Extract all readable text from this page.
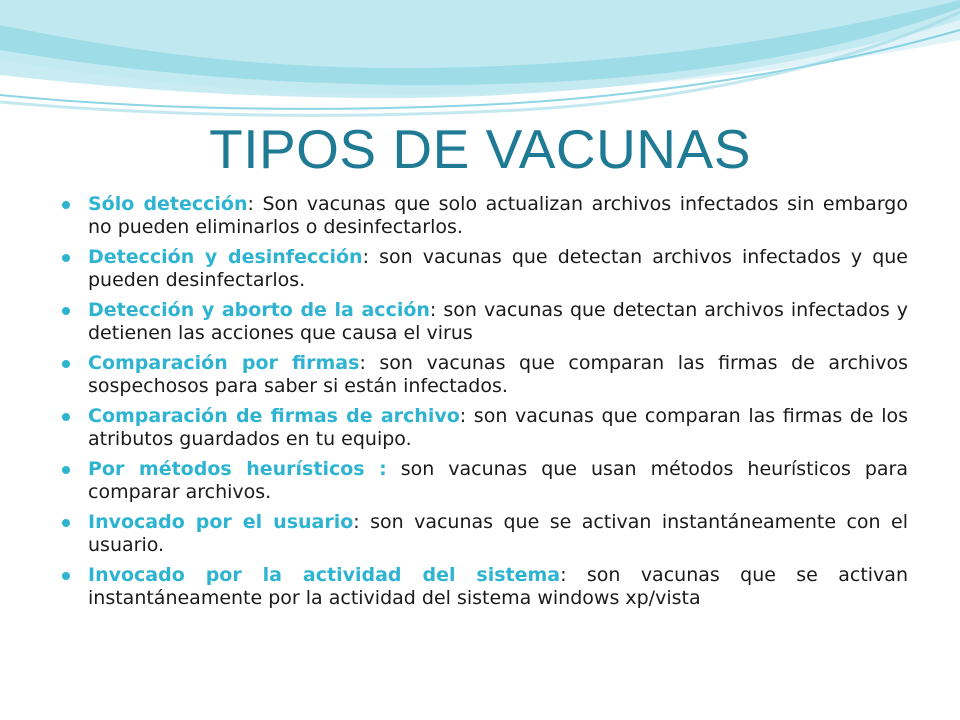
TIPOS DE VACUNAS
Sólo detección: Son vacunas que solo actualizan archivos infectados sin embargo no pueden eliminarlos o desinfectarlos.
Detección y desinfección: son vacunas que detectan archivos infectados y que pueden desinfectarlos.
Detección y aborto de la acción: son vacunas que detectan archivos infectados y detienen las acciones que causa el virus
Comparación por firmas: son vacunas que comparan las firmas de archivos sospechosos para saber si están infectados.
Comparación de firmas de archivo: son vacunas que comparan las firmas de los atributos guardados en tu equipo.
Por métodos heurísticos : son vacunas que usan métodos heurísticos para comparar archivos.
Invocado por el usuario: son vacunas que se activan instantáneamente con el usuario.
Invocado por la actividad del sistema: son vacunas que se activan instantáneamente por la actividad del sistema windows xp/vista
